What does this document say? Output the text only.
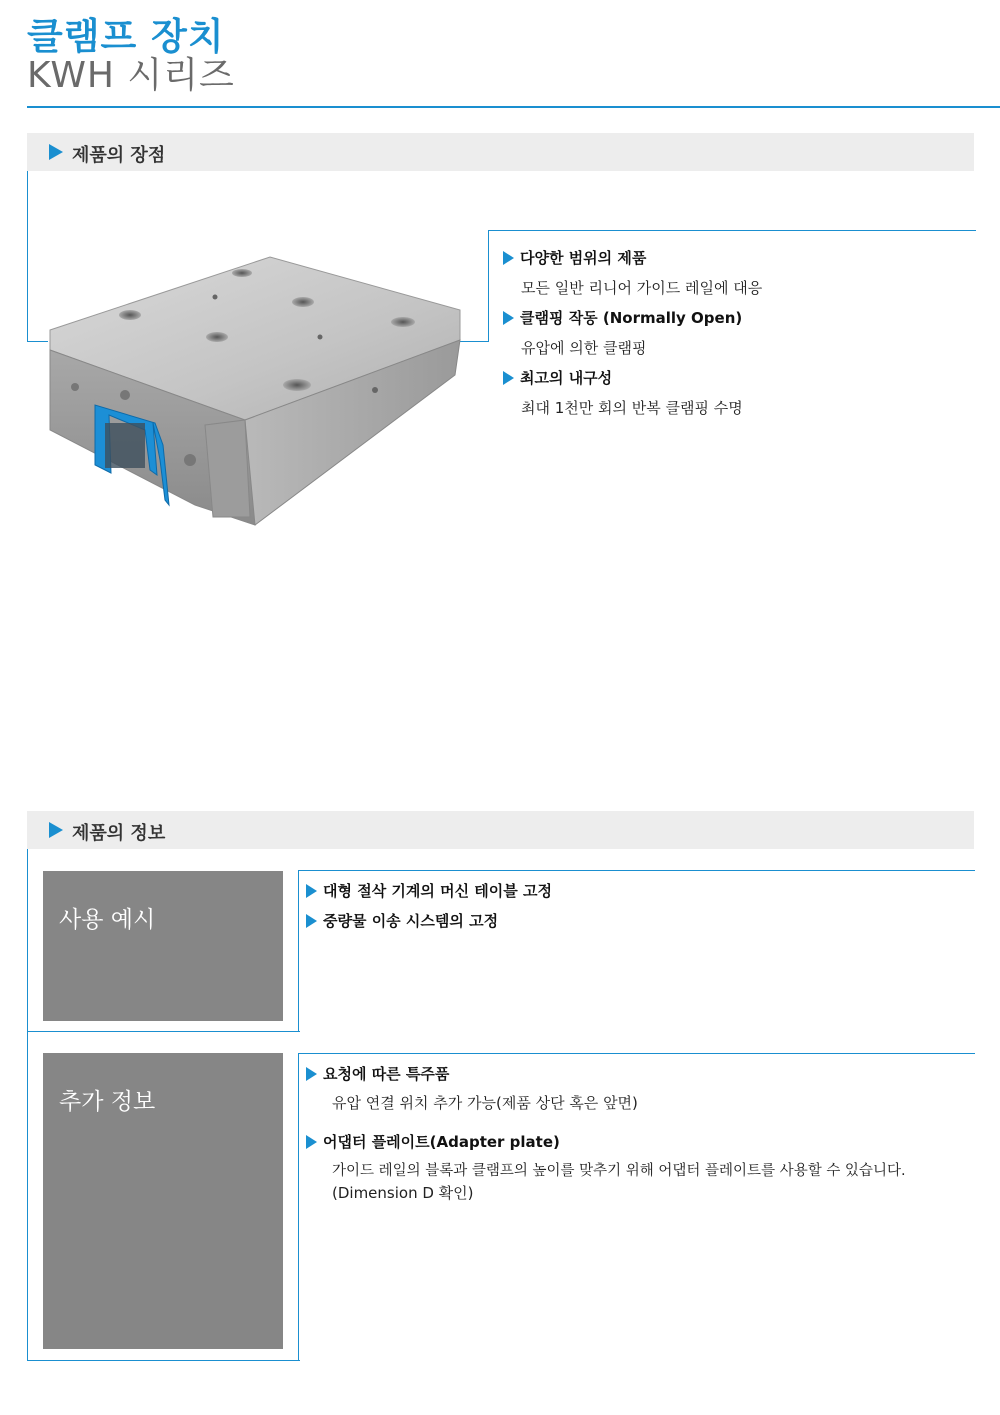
클램프 장치
KWH 시리즈
제품의 장점
다양한 범위의 제품
모든 일반 리니어 가이드 레일에 대응
클램핑 작동 (Normally Open)
유압에 의한 클램핑
최고의 내구성
최대 1천만 회의 반복 클램핑 수명
제품의 정보
사용 예시
대형 절삭 기계의 머신 테이블 고정
중량물 이송 시스템의 고정
추가 정보
요청에 따른 특주품
유압 연결 위치 추가 가능(제품 상단 혹은 앞면)
어댑터 플레이트(Adapter plate)
가이드 레일의 블록과 클램프의 높이를 맞추기 위해 어댑터 플레이트를 사용할 수 있습니다.
(Dimension D 확인)
